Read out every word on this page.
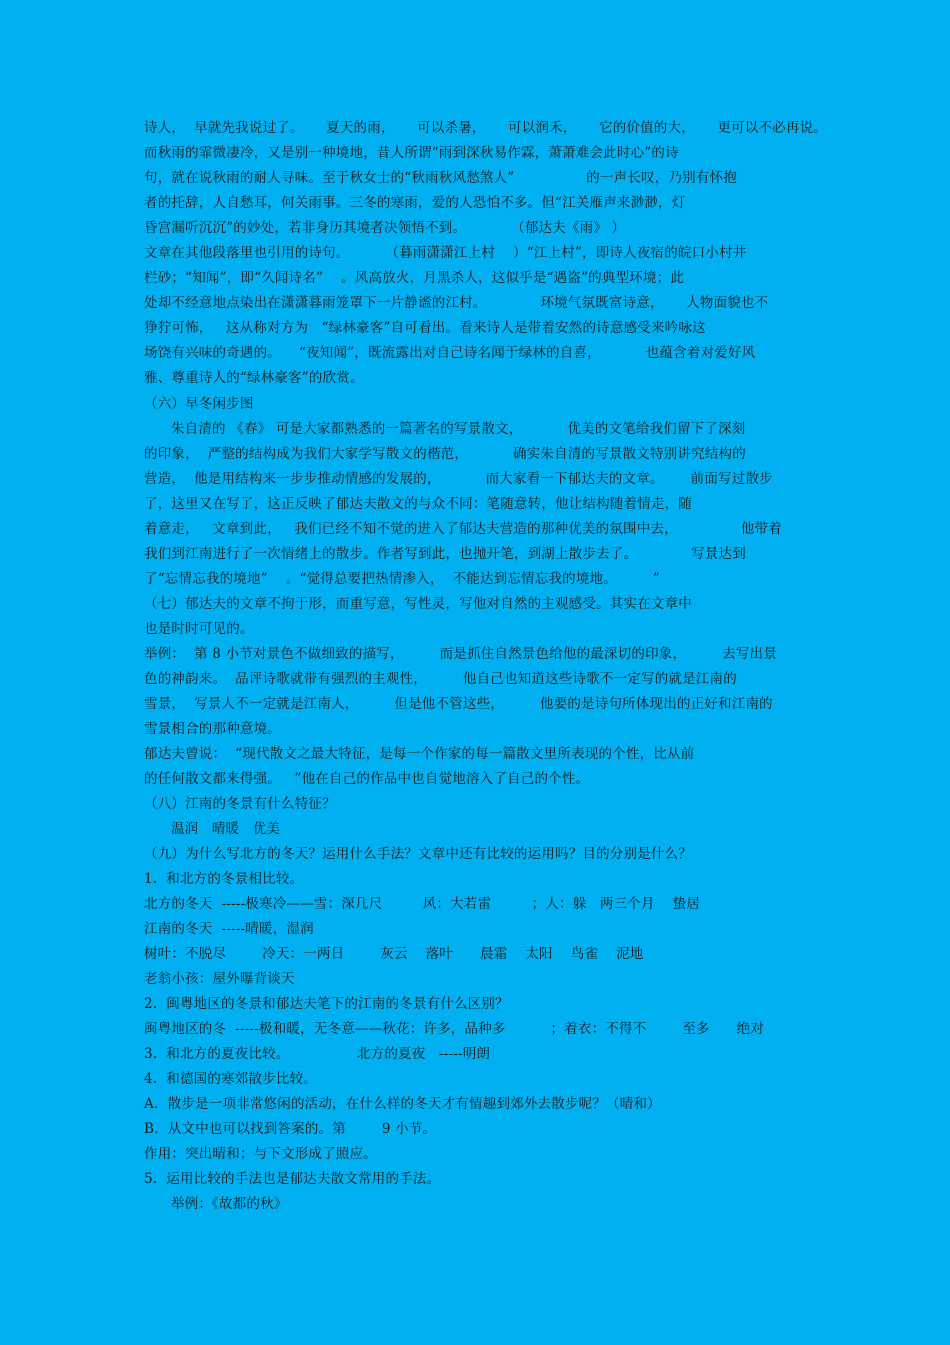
诗人，  早就先我说过了。     夏天的雨，     可以杀暑，     可以润禾，     它的价值的大，     更可以不必再说。
而秋雨的霏微凄冷，又是别一种境地，昔人所谓“雨到深秋易作霖，萧萧难会此时心”的诗
句，就在说秋雨的耐人寻味。至于秋女士的“秋雨秋风愁煞人”                的一声长叹，乃别有怀抱
者的托辞，人自愁耳，何关雨事。三冬的寒雨，爱的人恐怕不多。但“江关雁声来渺渺，灯
昏宫漏听沉沉”的妙处，若非身历其境者决领悟不到。          （郁达夫《雨》 ）
文章在其他段落里也引用的诗句。        （暮雨潇潇江上村    ）“江上村”，即诗人夜宿的皖口小村井
栏砂；“知闻”，即“久闻诗名”    。风高放火，月黑杀人，这似乎是“遇盗”的典型环境；此
处却不经意地点染出在潇潇暮雨笼罩下一片静谧的江村。            环境气氛既富诗意，     人物面貌也不
狰狞可怖，   这从称对方为   “绿林豪客”自可看出。看来诗人是带着安然的诗意感受来吟咏这
场饶有兴味的奇遇的。    “夜知闻”，既流露出对自己诗名闻于绿林的自喜，          也蕴含着对爱好风
雅、尊重诗人的“绿林豪客”的欣赏。
（六）早冬闲步图
朱自清的 《春》 可是大家都熟悉的一篇著名的写景散文，          优美的文笔给我们留下了深刻
的印象，  严整的结构成为我们大家学写散文的楷范，          确实朱自清的写景散文特别讲究结构的
营造，  他是用结构来一步步推动情感的发展的，          而大家看一下郁达夫的文章。      前面写过散步
了，这里又在写了，这正反映了郁达夫散文的与众不同：笔随意转，他让结构随着情走，随
着意走，   文章到此，   我们已经不知不觉的进入了郁达夫营造的那种优美的氛围中去，              他带着
我们到江南进行了一次情绪上的散步。作者写到此，也抛开笔，到湖上散步去了。            写景达到
了“忘情忘我的境地”    。“觉得总要把热情渗入，  不能达到忘情忘我的境地。        ”
（七）郁达夫的文章不拘于形，而重写意，写性灵，写他对自然的主观感受。其实在文章中
也是时时可见的。
举例：  第 8 小节对景色不做细致的描写，        而是抓住自然景色给他的最深切的印象，        去写出景
色的神韵来。  品评诗歌就带有强烈的主观性，        他自己也知道这些诗歌不一定写的就是江南的
雪景，  写景人不一定就是江南人，        但是他不管这些，        他要的是诗句所体现出的正好和江南的
雪景相合的那种意境。
郁达夫曾说：  “现代散文之最大特征，是每一个作家的每一篇散文里所表现的个性，比从前
的任何散文都来得强。   ”他在自己的作品中也自觉地溶入了自己的个性。
（八）江南的冬景有什么特征？
温润   晴暖   优美
（九）为什么写北方的冬天？运用什么手法？文章中还有比较的运用吗？目的分别是什么？
1.  和北方的冬景相比较。
北方的冬天  -----极寒冷——雪：深几尺         风：大若雷         ；人：躲   两三个月    蛰居
江南的冬天  -----晴暖，湿润
树叶：不脱尽        冷天：一两日        灰云    落叶      晨霜    太阳    鸟雀    泥地
老翁小孩：屋外曝背谈天
2.  闽粤地区的冬景和郁达夫笔下的江南的冬景有什么区别？
闽粤地区的冬  -----极和暖，无冬意——秋花：许多，品种多          ；着衣：不得不        至多      绝对
3.  和北方的夏夜比较。               北方的夏夜   -----明朗
4.  和德国的寒郊散步比较。
A．散步是一项非常悠闲的活动，在什么样的冬天才有情趣到郊外去散步呢？（晴和）
B．从文中也可以找到答案的。第        9 小节。
作用：突出晴和；与下文形成了照应。
5.  运用比较的手法也是郁达夫散文常用的手法。
举例：《故都的秋》
